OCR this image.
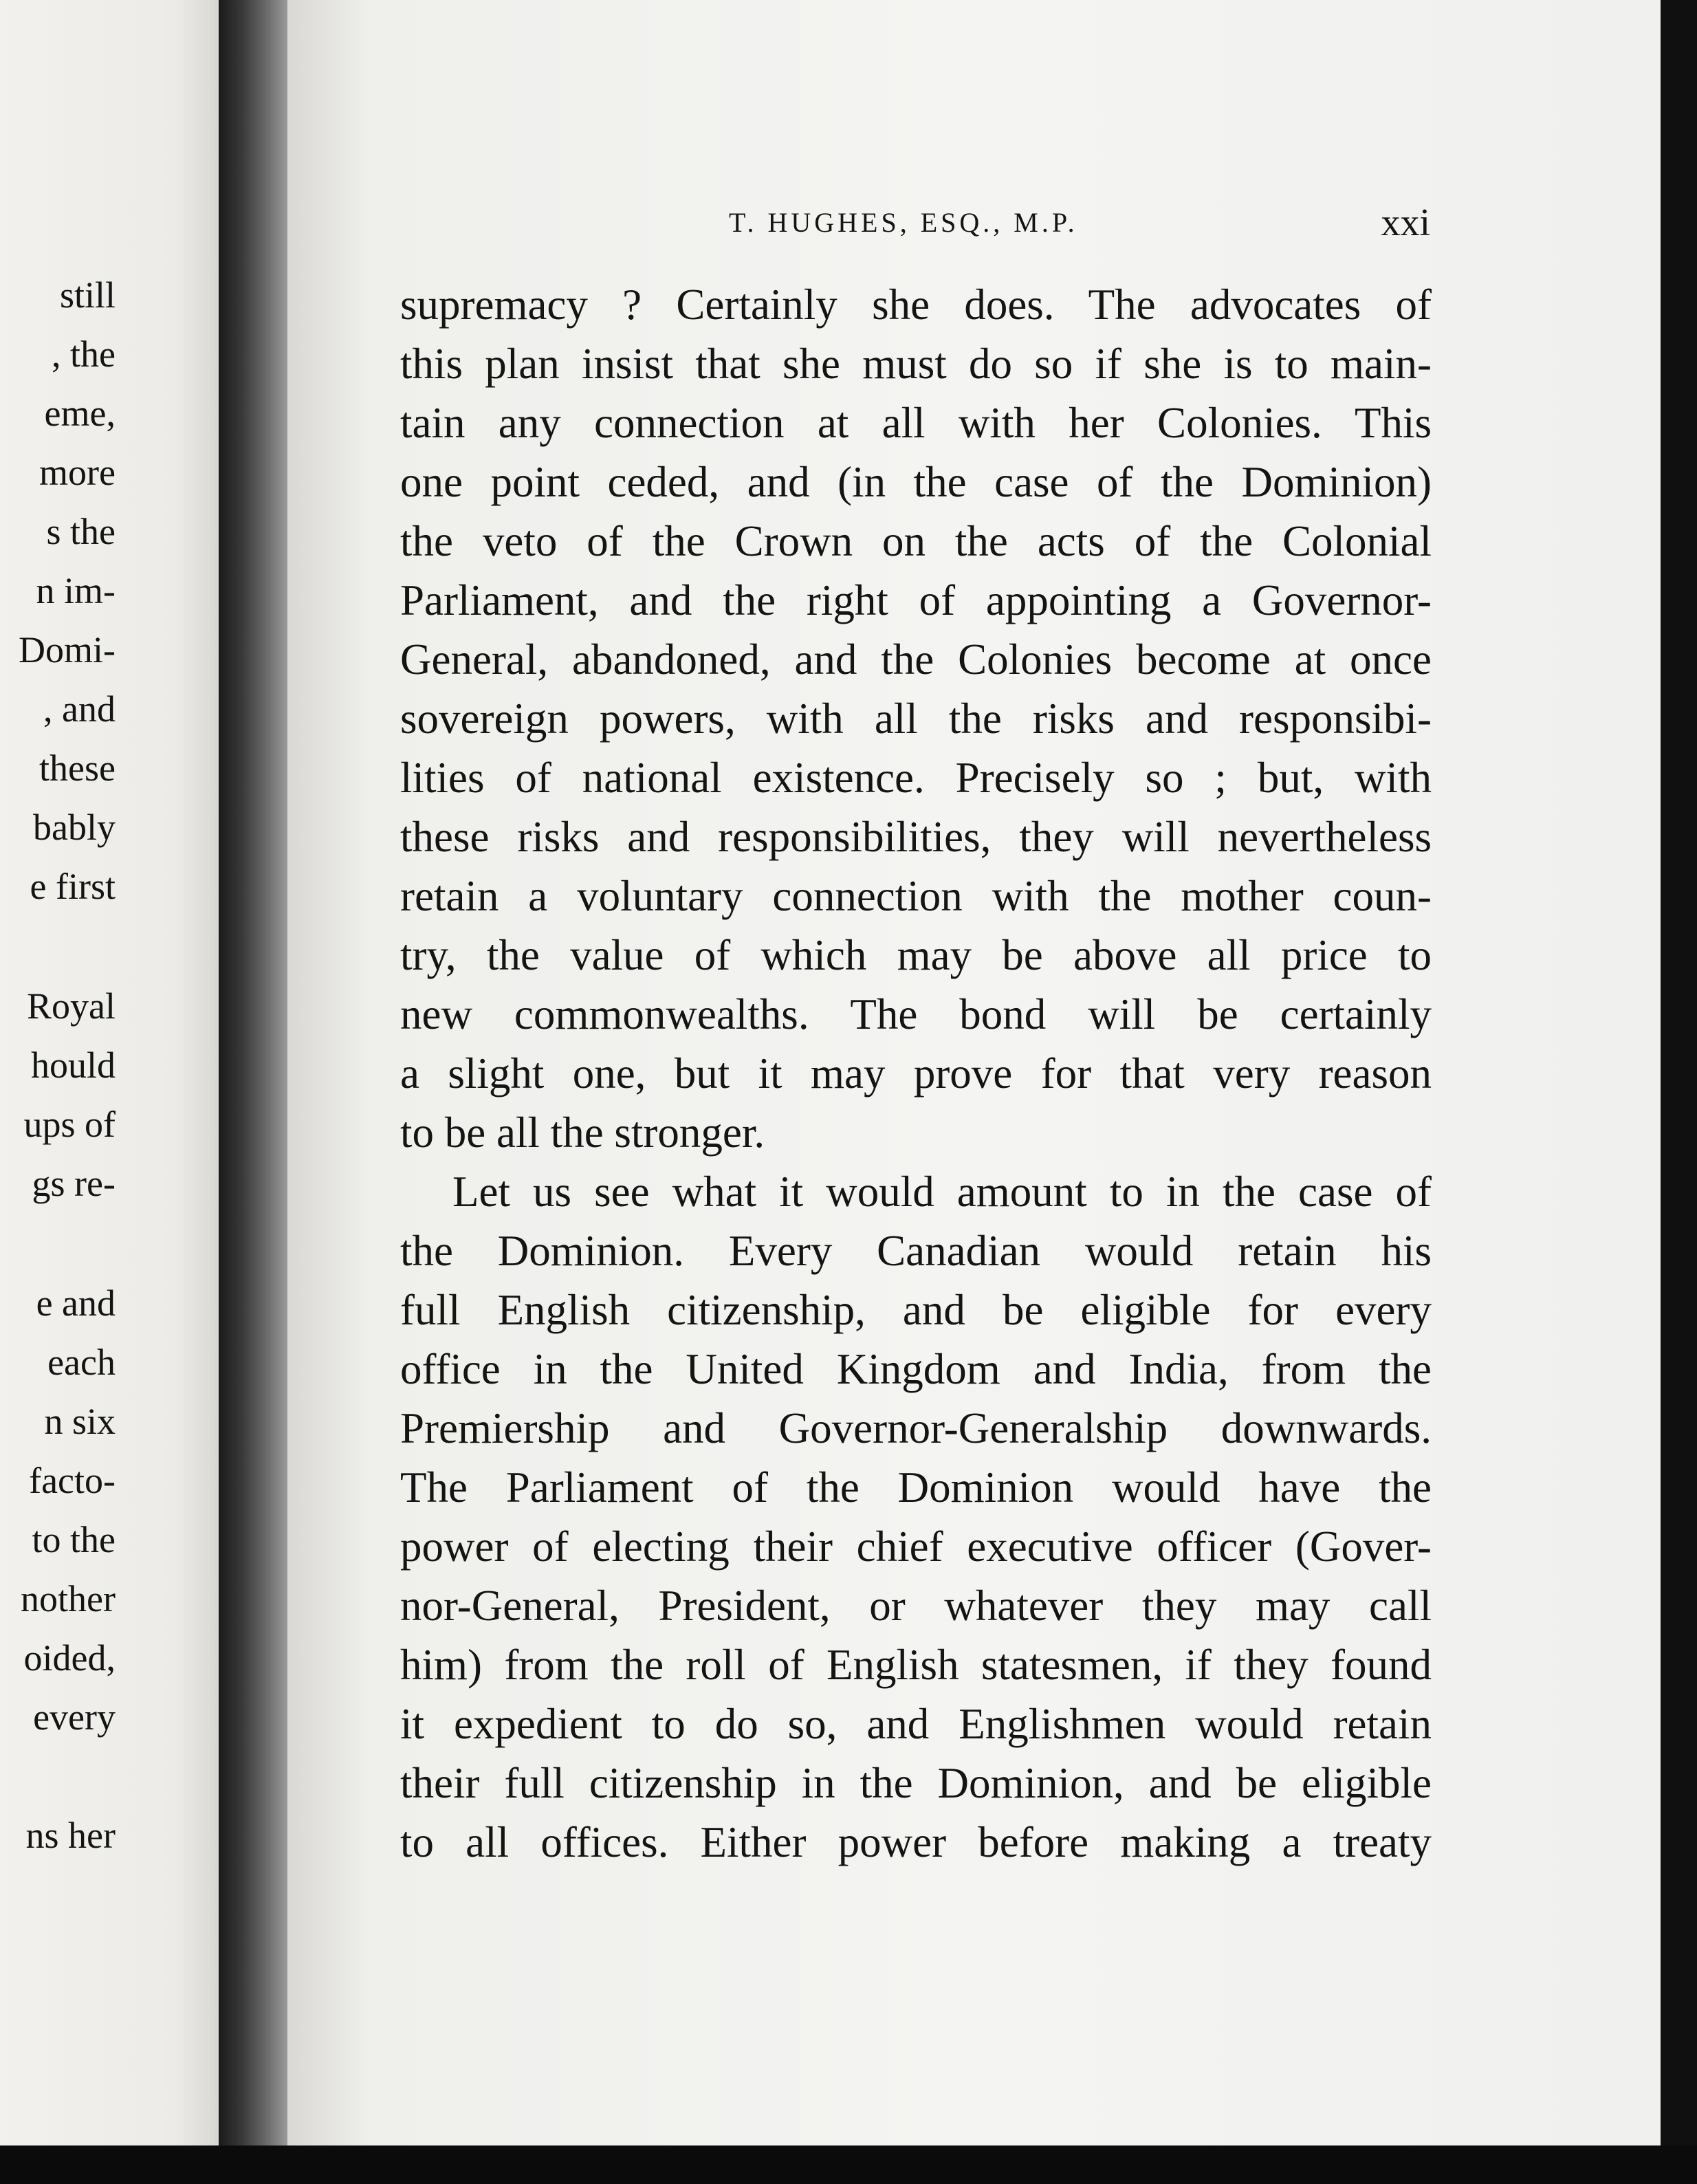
still

, the

eme,

more

s the

n im-

Domi-

, and

these

bably

e first

Royal

hould

ups of

gs re-

e and

each

n six

facto-

to the

nother

oided,

every

ns her

T. HUGHES, ESQ., M.P.	xxi

supremacy ? Certainly she does. The advocates of

this plan insist that she must do so if she is to main-

tain any connection at all with her Colonies. This

one point ceded, and (in the case of the Dominion)

the veto of the Crown on the acts of the Colonial

Parliament, and the right of appointing a Governor-

General, abandoned, and the Colonies become at once

sovereign powers, with all the risks and responsibi-

lities of national existence. Precisely so ; but, with

these risks and responsibilities, they will nevertheless

retain a voluntary connection with the mother coun-

try, the value of which may be above all price to

new commonwealths. The bond will be certainly

a slight one, but it may prove for that very reason

to be all the stronger.

Let us see what it would amount to in the case of

the Dominion. Every Canadian would retain his

full English citizenship, and be eligible for every

office in the United Kingdom and India, from the

Premiership and Governor-Generalship downwards.

The Parliament of the Dominion would have the

power of electing their chief executive officer (Gover-

nor-General, President, or whatever they may call

him) from the roll of English statesmen, if they found

it expedient to do so, and Englishmen would retain

their full citizenship in the Dominion, and be eligible

to all offices. Either power before making a treaty
